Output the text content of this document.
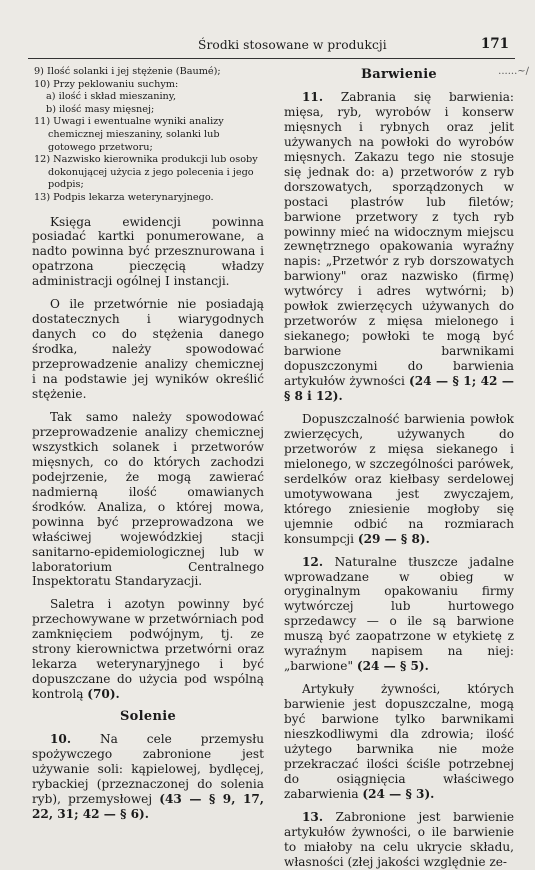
Środki stosowane w produkcji	171
......~∕
9) Ilość solanki i jej stężenie (Baumé);
10) Przy peklowaniu suchym:
a) ilość i skład mieszaniny,
b) ilość masy mięsnej;
11) Uwagi i ewentualne wyniki analizy chemicznej mieszaniny, solanki lub gotowego przetworu;
12) Nazwisko kierownika produkcji lub osoby dokonującej użycia z jego polecenia i jego podpis;
13) Podpis lekarza weterynaryjnego.

Księga ewidencji powinna posiadać kartki ponumerowane, a nadto powinna być przesznurowana i opatrzona pieczęcią władzy administracji ogólnej I instancji.

O ile przetwórnie nie posiadają dostatecznych i wiarygodnych danych co do stężenia danego środka, należy spowodować przeprowadzenie analizy chemicznej i na podstawie jej wyników określić stężenie.

Tak samo należy spowodować przeprowadzenie analizy chemicznej wszystkich solanek i przetworów mięsnych, co do których zachodzi podejrzenie, że mogą zawierać nadmierną ilość omawianych środków. Analiza, o której mowa, powinna być przeprowadzona we właściwej wojewódzkiej stacji sanitarno-epidemiologicznej lub w laboratorium Centralnego Inspektoratu Standaryzacji.

Saletra i azotyn powinny być przechowywane w przetwórniach pod zamknięciem podwójnym, tj. ze strony kierownictwa przetwórni oraz lekarza weterynaryjnego i być dopuszczane do użycia pod wspólną kontrolą (70).

Solenie

10. Na cele przemysłu spożywczego zabronione jest używanie soli: kąpielowej, bydlęcej, rybackiej (przeznaczonej do solenia ryb), przemysłowej (43 — § 9, 17, 22, 31; 42 — § 6).

Barwienie

11. Zabrania się barwienia: mięsa, ryb, wyrobów i konserw mięsnych i rybnych oraz jelit używanych na powłoki do wyrobów mięsnych. Zakazu tego nie stosuje się jednak do: a) przetworów z ryb dorszowatych, sporządzonych w postaci plastrów lub filetów; barwione przetwory z tych ryb powinny mieć na widocznym miejscu zewnętrznego opakowania wyraźny napis: „Przetwór z ryb dorszowatych barwiony" oraz nazwisko (firmę) wytwórcy i adres wytwórni; b) powłok zwierzęcych używanych do przetworów z mięsa mielonego i siekanego; powłoki te mogą być barwione barwnikami dopuszczonymi do barwienia artykułów żywności (24 — § 1; 42 — § 8 i 12).

Dopuszczalność barwienia powłok zwierzęcych, używanych do przetworów z mięsa siekanego i mielonego, w szczególności parówek, serdelków oraz kiełbasy serdelowej umotywowana jest zwyczajem, którego zniesienie mogłoby się ujemnie odbić na rozmiarach konsumpcji (29 — § 8).

12. Naturalne tłuszcze jadalne wprowadzane w obieg w oryginalnym opakowaniu firmy wytwórczej lub hurtowego sprzedawcy — o ile są barwione muszą być zaopatrzone w etykietę z wyraźnym napisem na niej: „barwione" (24 — § 5).

Artykuły żywności, których barwienie jest dopuszczalne, mogą być barwione tylko barwnikami nieszkodliwymi dla zdrowia; ilość użytego barwnika nie może przekraczać ilości ściśle potrzebnej do osiągnięcia właściwego zabarwienia (24 — § 3).

13. Zabronione jest barwienie artykułów żywności, o ile barwienie to miałoby na celu ukrycie składu, własności (złej jakości względnie ze-
